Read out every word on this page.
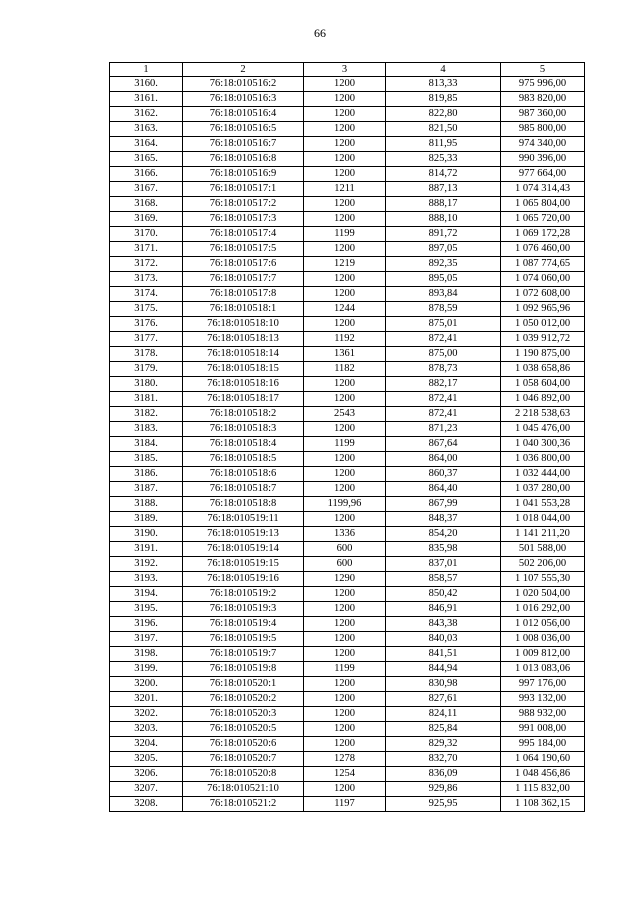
66
1	2	3	4	5
3160.	76:18:010516:2	1200	813,33	975 996,00
3161.	76:18:010516:3	1200	819,85	983 820,00
3162.	76:18:010516:4	1200	822,80	987 360,00
3163.	76:18:010516:5	1200	821,50	985 800,00
3164.	76:18:010516:7	1200	811,95	974 340,00
3165.	76:18:010516:8	1200	825,33	990 396,00
3166.	76:18:010516:9	1200	814,72	977 664,00
3167.	76:18:010517:1	1211	887,13	1 074 314,43
3168.	76:18:010517:2	1200	888,17	1 065 804,00
3169.	76:18:010517:3	1200	888,10	1 065 720,00
3170.	76:18:010517:4	1199	891,72	1 069 172,28
3171.	76:18:010517:5	1200	897,05	1 076 460,00
3172.	76:18:010517:6	1219	892,35	1 087 774,65
3173.	76:18:010517:7	1200	895,05	1 074 060,00
3174.	76:18:010517:8	1200	893,84	1 072 608,00
3175.	76:18:010518:1	1244	878,59	1 092 965,96
3176.	76:18:010518:10	1200	875,01	1 050 012,00
3177.	76:18:010518:13	1192	872,41	1 039 912,72
3178.	76:18:010518:14	1361	875,00	1 190 875,00
3179.	76:18:010518:15	1182	878,73	1 038 658,86
3180.	76:18:010518:16	1200	882,17	1 058 604,00
3181.	76:18:010518:17	1200	872,41	1 046 892,00
3182.	76:18:010518:2	2543	872,41	2 218 538,63
3183.	76:18:010518:3	1200	871,23	1 045 476,00
3184.	76:18:010518:4	1199	867,64	1 040 300,36
3185.	76:18:010518:5	1200	864,00	1 036 800,00
3186.	76:18:010518:6	1200	860,37	1 032 444,00
3187.	76:18:010518:7	1200	864,40	1 037 280,00
3188.	76:18:010518:8	1199,96	867,99	1 041 553,28
3189.	76:18:010519:11	1200	848,37	1 018 044,00
3190.	76:18:010519:13	1336	854,20	1 141 211,20
3191.	76:18:010519:14	600	835,98	501 588,00
3192.	76:18:010519:15	600	837,01	502 206,00
3193.	76:18:010519:16	1290	858,57	1 107 555,30
3194.	76:18:010519:2	1200	850,42	1 020 504,00
3195.	76:18:010519:3	1200	846,91	1 016 292,00
3196.	76:18:010519:4	1200	843,38	1 012 056,00
3197.	76:18:010519:5	1200	840,03	1 008 036,00
3198.	76:18:010519:7	1200	841,51	1 009 812,00
3199.	76:18:010519:8	1199	844,94	1 013 083,06
3200.	76:18:010520:1	1200	830,98	997 176,00
3201.	76:18:010520:2	1200	827,61	993 132,00
3202.	76:18:010520:3	1200	824,11	988 932,00
3203.	76:18:010520:5	1200	825,84	991 008,00
3204.	76:18:010520:6	1200	829,32	995 184,00
3205.	76:18:010520:7	1278	832,70	1 064 190,60
3206.	76:18:010520:8	1254	836,09	1 048 456,86
3207.	76:18:010521:10	1200	929,86	1 115 832,00
3208.	76:18:010521:2	1197	925,95	1 108 362,15
